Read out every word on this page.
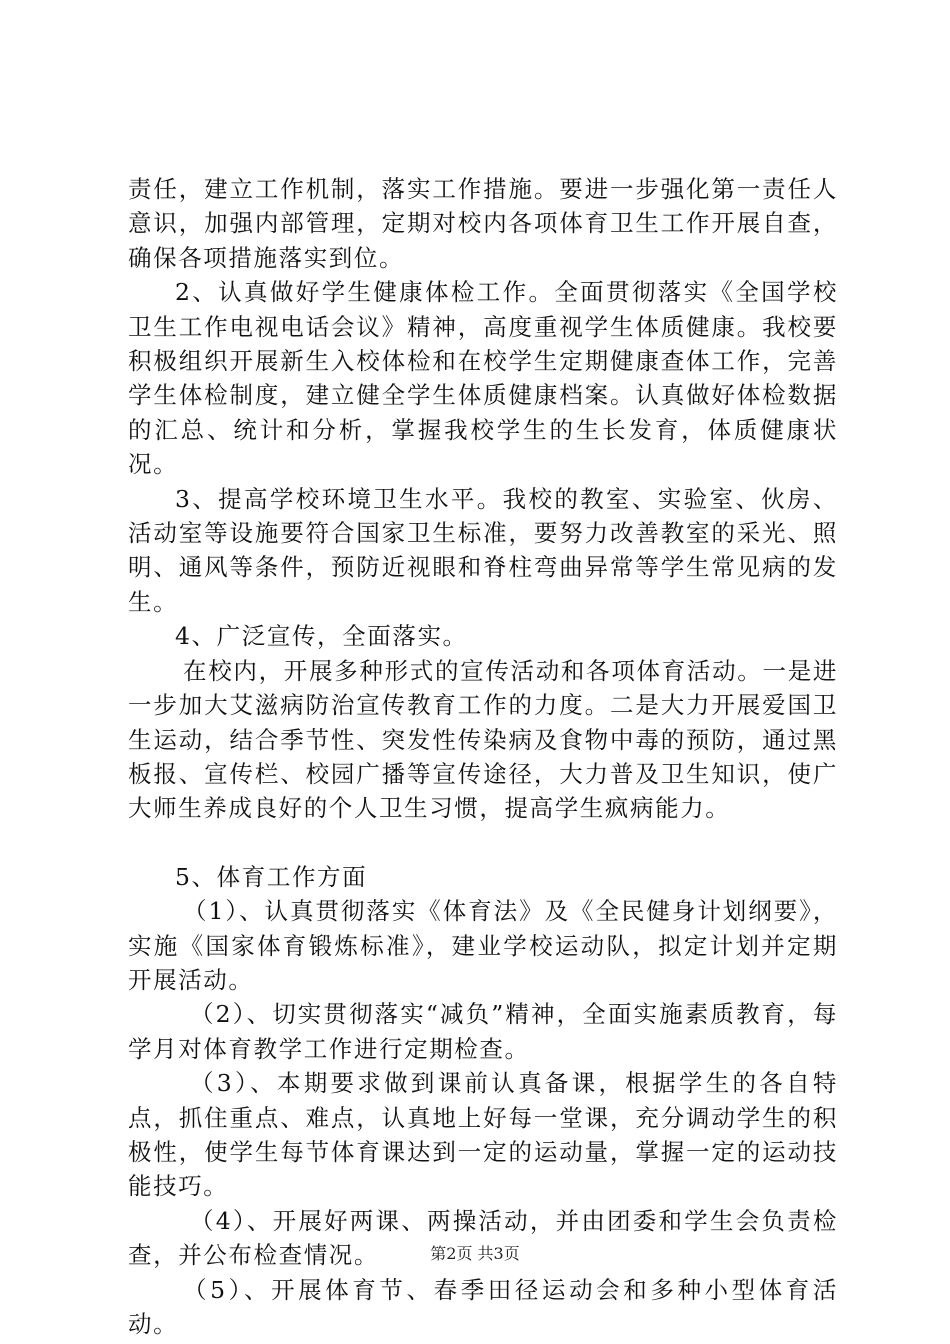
责任，建立工作机制，落实工作措施。要进一步强化第一责任人意识，加强内部管理，定期对校内各项体育卫生工作开展自查，确保各项措施落实到位。

2、认真做好学生健康体检工作。全面贯彻落实《全国学校卫生工作电视电话会议》精神，高度重视学生体质健康。我校要积极组织开展新生入校体检和在校学生定期健康查体工作，完善学生体检制度，建立健全学生体质健康档案。认真做好体检数据的汇总、统计和分析，掌握我校学生的生长发育，体质健康状况。

3、提高学校环境卫生水平。我校的教室、实验室、伙房、活动室等设施要符合国家卫生标准，要努力改善教室的采光、照明、通风等条件，预防近视眼和脊柱弯曲异常等学生常见病的发生。

4、广泛宣传，全面落实。

在校内，开展多种形式的宣传活动和各项体育活动。一是进一步加大艾滋病防治宣传教育工作的力度。二是大力开展爱国卫生运动，结合季节性、突发性传染病及食物中毒的预防，通过黑板报、宣传栏、校园广播等宣传途径，大力普及卫生知识，使广大师生养成良好的个人卫生习惯，提高学生疯病能力。

5、体育工作方面

（1）、认真贯彻落实《体育法》及《全民健身计划纲要》，实施《国家体育锻炼标准》，建业学校运动队，拟定计划并定期开展活动。

（2）、切实贯彻落实“减负”精神，全面实施素质教育，每学月对体育教学工作进行定期检查。

（3）、本期要求做到课前认真备课，根据学生的各自特点，抓住重点、难点，认真地上好每一堂课，充分调动学生的积极性，使学生每节体育课达到一定的运动量，掌握一定的运动技能技巧。

（4）、开展好两课、两操活动，并由团委和学生会负责检查，并公布检查情况。

（5）、开展体育节、春季田径运动会和多种小型体育活动。

第2页 共3页
